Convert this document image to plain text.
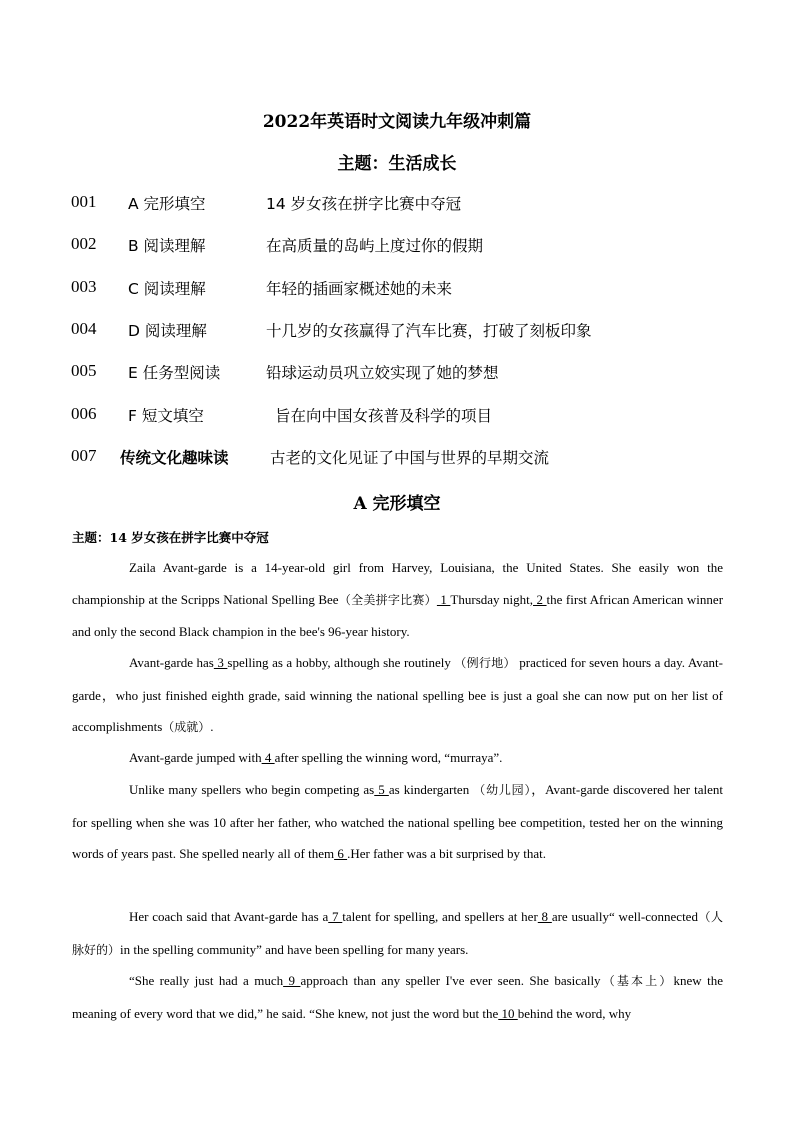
2022年英语时文阅读九年级冲刺篇
主题：生活成长
001 A 完形填空	14 岁女孩在拼字比赛中夺冠
002 B 阅读理解	在高质量的岛屿上度过你的假期
003 C 阅读理解	年轻的插画家概述她的未来
004 D 阅读理解	十几岁的女孩赢得了汽车比赛，打破了刻板印象
005 E 任务型阅读	铅球运动员巩立姣实现了她的梦想
006 F 短文填空	旨在向中国女孩普及科学的项目
007 传统文化趣味读	古老的文化见证了中国与世界的早期交流
A 完形填空
主题：14 岁女孩在拼字比赛中夺冠

Zaila Avant-garde is a 14-year-old girl from Harvey, Louisiana, the United States. She easily won the championship at the Scripps National Spelling Bee（全美拼字比赛） 1 Thursday night, 2 the first African American winner and only the second Black champion in the bee's 96-year history.

Avant-garde has 3 spelling as a hobby, although she routinely （例行地） practiced for seven hours a day. Avant-garde，who just finished eighth grade, said winning the national spelling bee is just a goal she can now put on her list of accomplishments（成就）.

Avant-garde jumped with 4 after spelling the winning word, “murraya”.

Unlike many spellers who begin competing as 5 as kindergarten （幼儿园），Avant-garde discovered her talent for spelling when she was 10 after her father, who watched the national spelling bee competition, tested her on the winning words of years past. She spelled nearly all of them 6 .Her father was a bit surprised by that.

Her coach said that Avant-garde has a 7 talent for spelling, and spellers at her 8 are usually“ well-connected（人脉好的）in the spelling community” and have been spelling for many years.

“She really just had a much 9 approach than any speller I've ever seen. She basically（基本上）knew the meaning of every word that we did,” he said. “She knew, not just the word but the 10 behind the word, why
